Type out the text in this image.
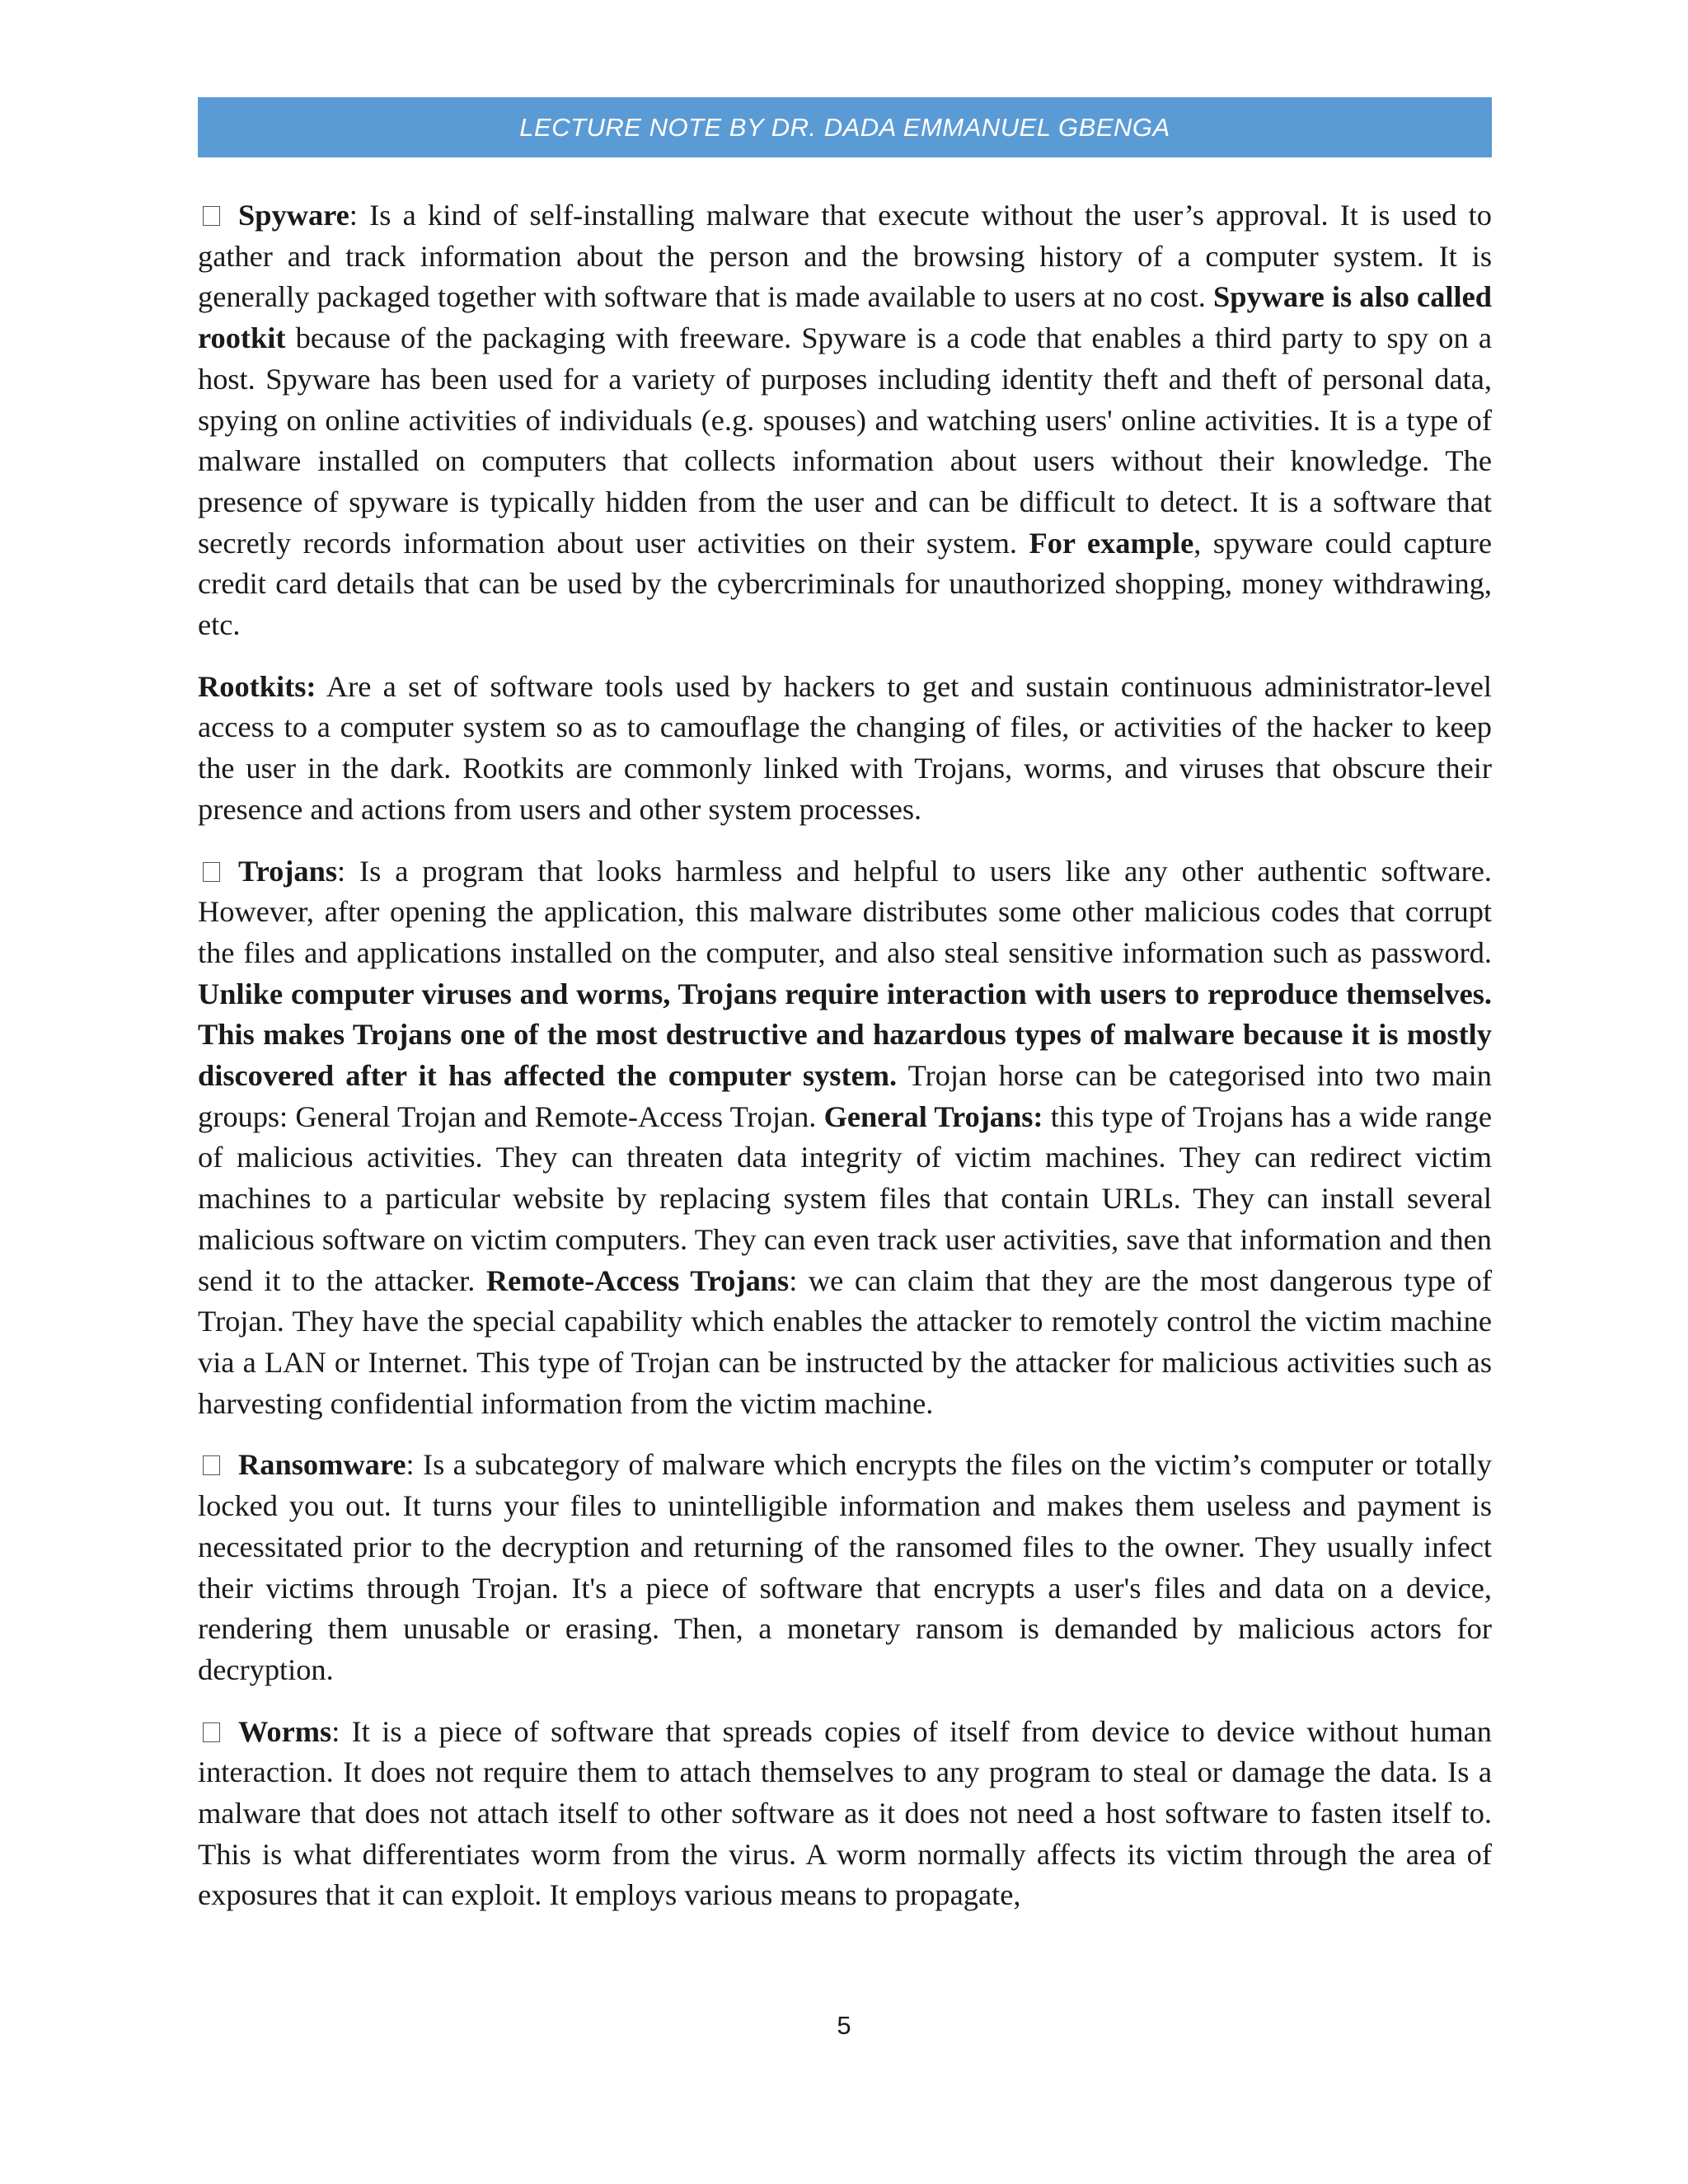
LECTURE NOTE BY DR. DADA EMMANUEL GBENGA

Spyware: Is a kind of self-installing malware that execute without the user’s approval. It is used to gather and track information about the person and the browsing history of a computer system. It is generally packaged together with software that is made available to users at no cost. Spyware is also called rootkit because of the packaging with freeware. Spyware is a code that enables a third party to spy on a host. Spyware has been used for a variety of purposes including identity theft and theft of personal data, spying on online activities of individuals (e.g. spouses) and watching users' online activities. It is a type of malware installed on computers that collects information about users without their knowledge. The presence of spyware is typically hidden from the user and can be difficult to detect. It is a software that secretly records information about user activities on their system. For example, spyware could capture credit card details that can be used by the cybercriminals for unauthorized shopping, money withdrawing, etc.

Rootkits: Are a set of software tools used by hackers to get and sustain continuous administrator-level access to a computer system so as to camouflage the changing of files, or activities of the hacker to keep the user in the dark. Rootkits are commonly linked with Trojans, worms, and viruses that obscure their presence and actions from users and other system processes.

Trojans: Is a program that looks harmless and helpful to users like any other authentic software. However, after opening the application, this malware distributes some other malicious codes that corrupt the files and applications installed on the computer, and also steal sensitive information such as password. Unlike computer viruses and worms, Trojans require interaction with users to reproduce themselves. This makes Trojans one of the most destructive and hazardous types of malware because it is mostly discovered after it has affected the computer system. Trojan horse can be categorised into two main groups: General Trojan and Remote-Access Trojan. General Trojans: this type of Trojans has a wide range of malicious activities. They can threaten data integrity of victim machines. They can redirect victim machines to a particular website by replacing system files that contain URLs. They can install several malicious software on victim computers. They can even track user activities, save that information and then send it to the attacker. Remote-Access Trojans: we can claim that they are the most dangerous type of Trojan. They have the special capability which enables the attacker to remotely control the victim machine via a LAN or Internet. This type of Trojan can be instructed by the attacker for malicious activities such as harvesting confidential information from the victim machine.

Ransomware: Is a subcategory of malware which encrypts the files on the victim’s computer or totally locked you out. It turns your files to unintelligible information and makes them useless and payment is necessitated prior to the decryption and returning of the ransomed files to the owner. They usually infect their victims through Trojan. It's a piece of software that encrypts a user's files and data on a device, rendering them unusable or erasing. Then, a monetary ransom is demanded by malicious actors for decryption.

Worms: It is a piece of software that spreads copies of itself from device to device without human interaction. It does not require them to attach themselves to any program to steal or damage the data. Is a malware that does not attach itself to other software as it does not need a host software to fasten itself to. This is what differentiates worm from the virus. A worm normally affects its victim through the area of exposures that it can exploit. It employs various means to propagate,

5
